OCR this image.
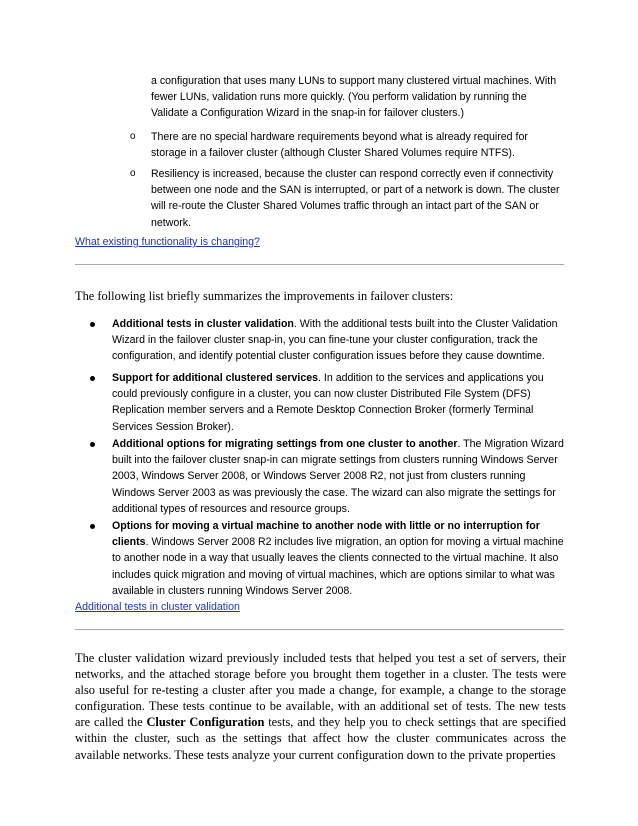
a configuration that uses many LUNs to support many clustered virtual machines. With fewer LUNs, validation runs more quickly. (You perform validation by running the Validate a Configuration Wizard in the snap-in for failover clusters.)
o	There are no special hardware requirements beyond what is already required for storage in a failover cluster (although Cluster Shared Volumes require NTFS).
o	Resiliency is increased, because the cluster can respond correctly even if connectivity between one node and the SAN is interrupted, or part of a network is down. The cluster will re-route the Cluster Shared Volumes traffic through an intact part of the SAN or network.
What existing functionality is changing?
The following list briefly summarizes the improvements in failover clusters:
Additional tests in cluster validation. With the additional tests built into the Cluster Validation Wizard in the failover cluster snap-in, you can fine-tune your cluster configuration, track the configuration, and identify potential cluster configuration issues before they cause downtime.
Support for additional clustered services. In addition to the services and applications you could previously configure in a cluster, you can now cluster Distributed File System (DFS) Replication member servers and a Remote Desktop Connection Broker (formerly Terminal Services Session Broker).
Additional options for migrating settings from one cluster to another. The Migration Wizard built into the failover cluster snap-in can migrate settings from clusters running Windows Server 2003, Windows Server 2008, or Windows Server 2008 R2, not just from clusters running Windows Server 2003 as was previously the case. The wizard can also migrate the settings for additional types of resources and resource groups.
Options for moving a virtual machine to another node with little or no interruption for clients. Windows Server 2008 R2 includes live migration, an option for moving a virtual machine to another node in a way that usually leaves the clients connected to the virtual machine. It also includes quick migration and moving of virtual machines, which are options similar to what was available in clusters running Windows Server 2008.
Additional tests in cluster validation
The cluster validation wizard previously included tests that helped you test a set of servers, their networks, and the attached storage before you brought them together in a cluster. The tests were also useful for re-testing a cluster after you made a change, for example, a change to the storage configuration. These tests continue to be available, with an additional set of tests. The new tests are called the Cluster Configuration tests, and they help you to check settings that are specified within the cluster, such as the settings that affect how the cluster communicates across the available networks. These tests analyze your current configuration down to the private properties
